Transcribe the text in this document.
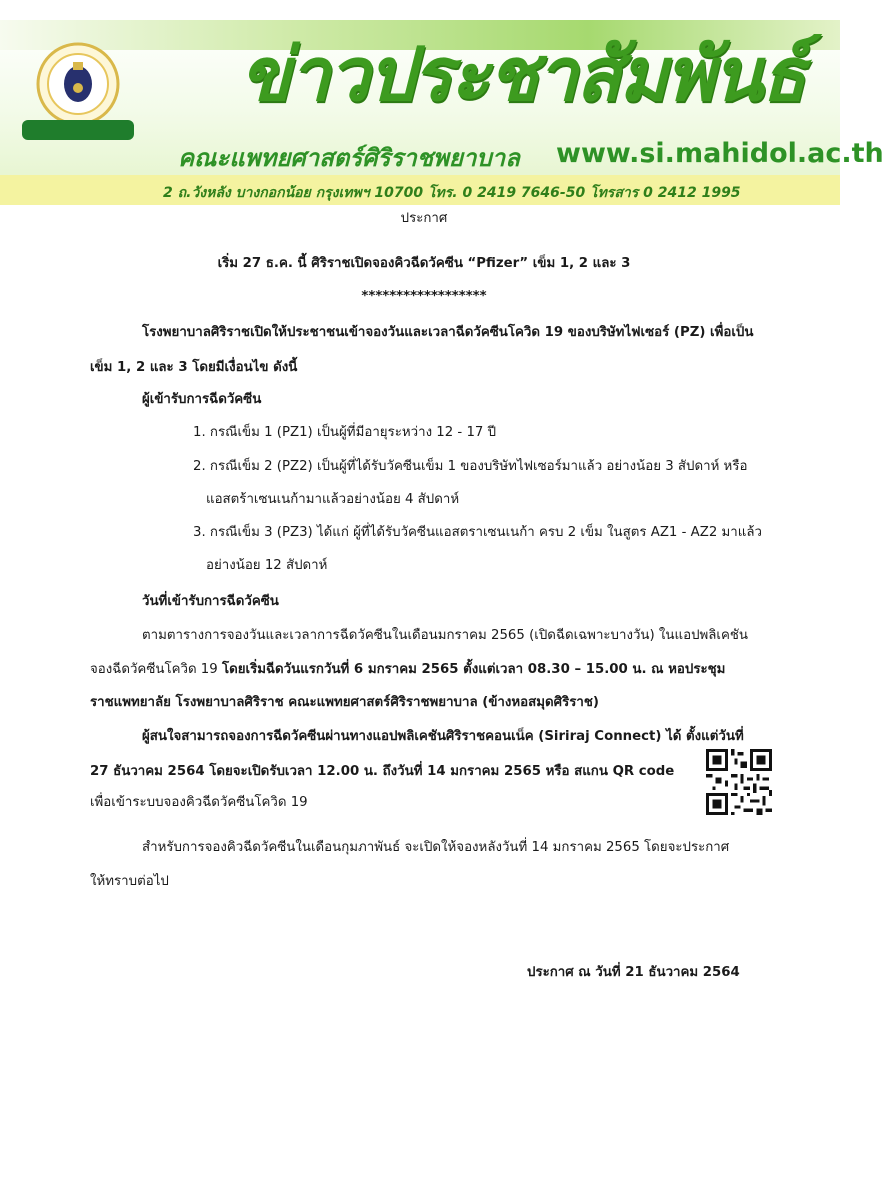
ข่าวประชาสัมพันธ์
คณะแพทยศาสตร์ศิริราชพยาบาล www.si.mahidol.ac.th
2 ถ.วังหลัง บางกอกน้อย กรุงเทพฯ 10700 โทร. 0 2419 7646-50 โทรสาร 0 2412 1995
ประกาศ
เริ่ม 27 ธ.ค. นี้ ศิริราชเปิดจองคิวฉีดวัคซีน “Pfizer” เข็ม 1, 2 และ 3
******************
โรงพยาบาลศิริราชเปิดให้ประชาชนเข้าจองวันและเวลาฉีดวัคซีนโควิด 19 ของบริษัทไฟเซอร์ (PZ) เพื่อเป็น
เข็ม 1, 2 และ 3 โดยมีเงื่อนไข ดังนี้
ผู้เข้ารับการฉีดวัคซีน
1. กรณีเข็ม 1 (PZ1) เป็นผู้ที่มีอายุระหว่าง 12 - 17 ปี
2. กรณีเข็ม 2 (PZ2) เป็นผู้ที่ได้รับวัคซีนเข็ม 1 ของบริษัทไฟเซอร์มาแล้ว อย่างน้อย 3 สัปดาห์ หรือ
แอสตร้าเซนเนก้ามาแล้วอย่างน้อย 4 สัปดาห์
3. กรณีเข็ม 3 (PZ3) ได้แก่ ผู้ที่ได้รับวัคซีนแอสตราเซนเนก้า ครบ 2 เข็ม ในสูตร AZ1 - AZ2 มาแล้ว
อย่างน้อย 12 สัปดาห์
วันที่เข้ารับการฉีดวัคซีน
ตามตารางการจองวันและเวลาการฉีดวัคซีนในเดือนมกราคม 2565 (เปิดฉีดเฉพาะบางวัน) ในแอปพลิเคชัน
จองฉีดวัคซีนโควิด 19 โดยเริ่มฉีดวันแรกวันที่ 6 มกราคม 2565 ตั้งแต่เวลา 08.30 – 15.00 น. ณ หอประชุม
ราชแพทยาลัย โรงพยาบาลศิริราช คณะแพทยศาสตร์ศิริราชพยาบาล (ข้างหอสมุดศิริราช)
ผู้สนใจสามารถจองการฉีดวัคซีนผ่านทางแอปพลิเคชันศิริราชคอนเน็ค (Siriraj Connect) ได้ ตั้งแต่วันที่
27 ธันวาคม 2564 โดยจะเปิดรับเวลา 12.00 น. ถึงวันที่ 14 มกราคม 2565 หรือ สแกน QR code
เพื่อเข้าระบบจองคิวฉีดวัคซีนโควิด 19
สำหรับการจองคิวฉีดวัคซีนในเดือนกุมภาพันธ์ จะเปิดให้จองหลังวันที่ 14 มกราคม 2565 โดยจะประกาศ
ให้ทราบต่อไป
ประกาศ ณ วันที่ 21 ธันวาคม 2564
